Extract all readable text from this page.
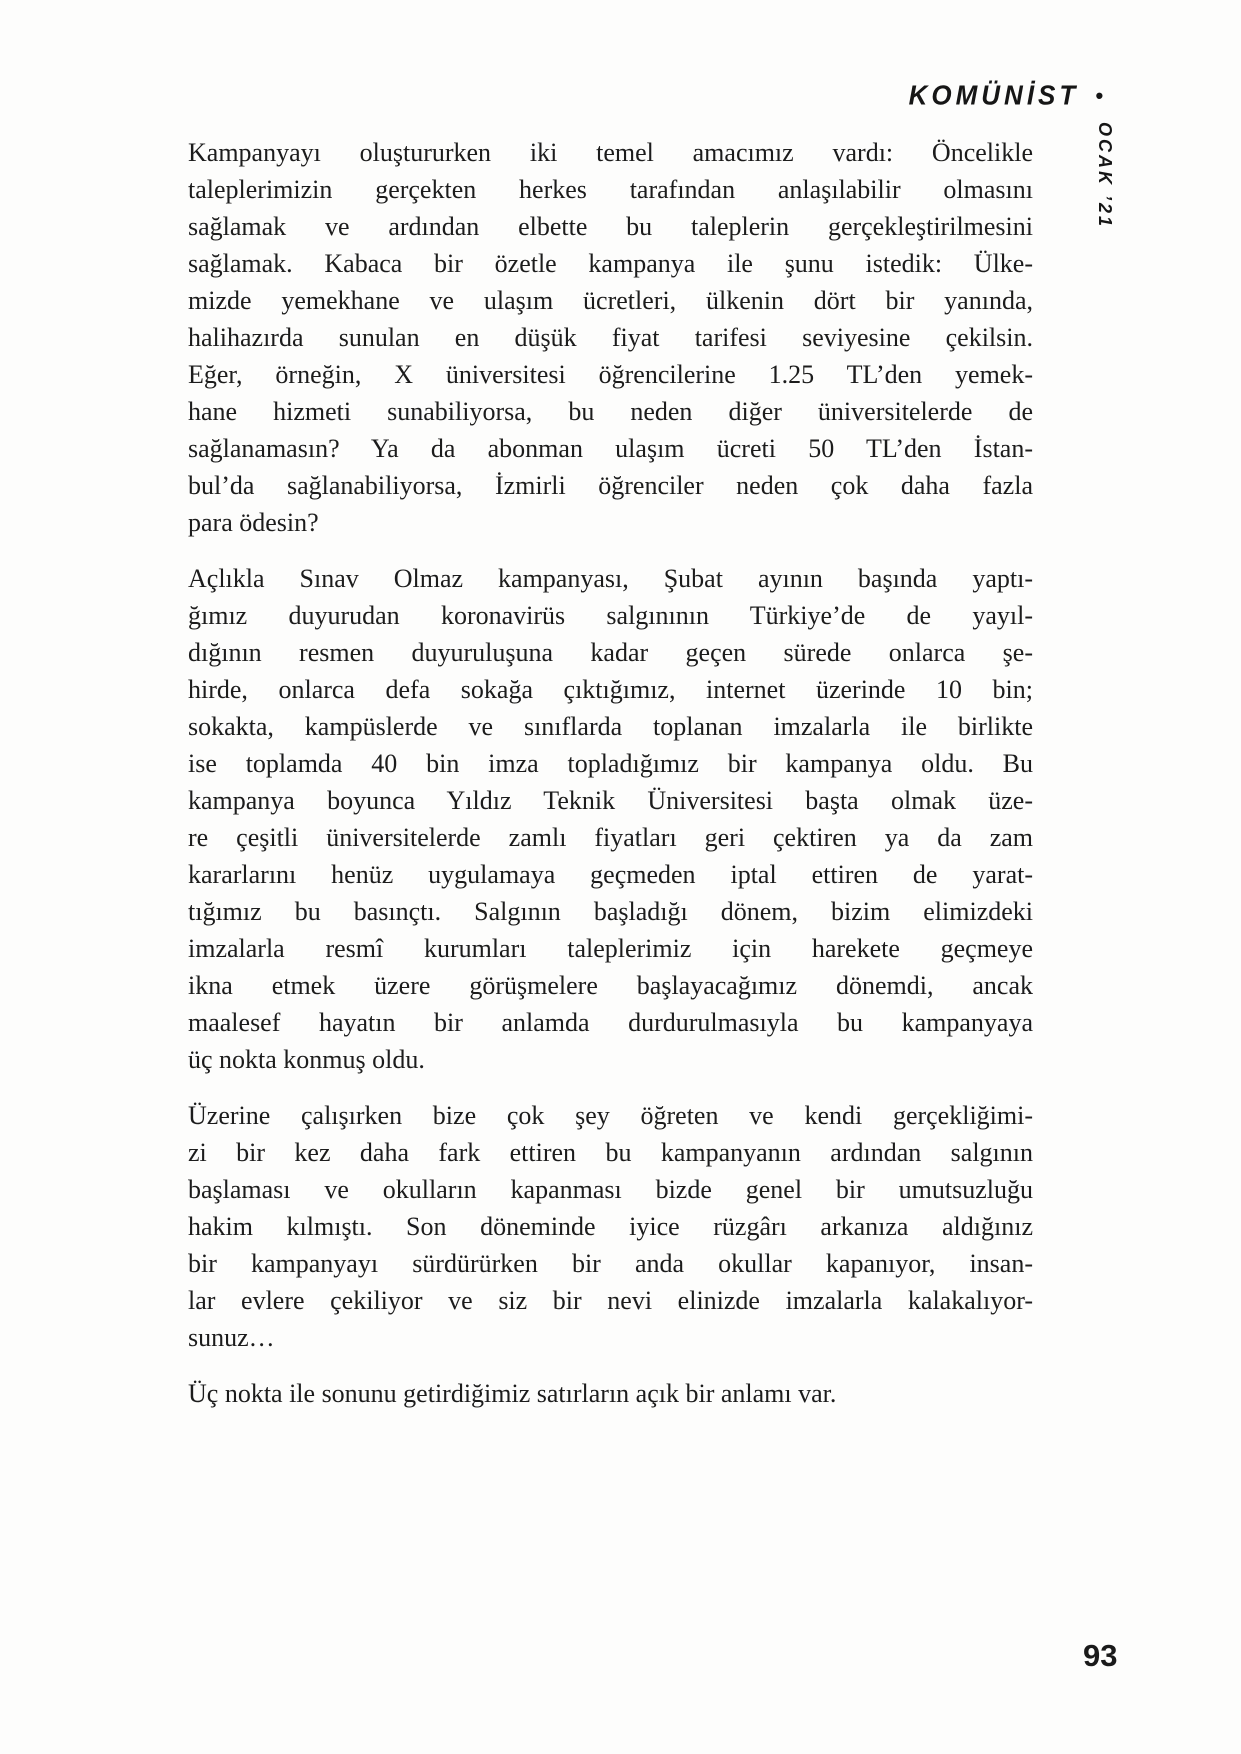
KOMÜNİST •
OCAK ’21
Kampanyayı oluştururken iki temel amacımız vardı: Öncelikle
taleplerimizin gerçekten herkes tarafından anlaşılabilir olmasını
sağlamak ve ardından elbette bu taleplerin gerçekleştirilmesini
sağlamak. Kabaca bir özetle kampanya ile şunu istedik: Ülke-
mizde yemekhane ve ulaşım ücretleri, ülkenin dört bir yanında,
halihazırda sunulan en düşük fiyat tarifesi seviyesine çekilsin.
Eğer, örneğin, X üniversitesi öğrencilerine 1.25 TL’den yemek-
hane hizmeti sunabiliyorsa, bu neden diğer üniversitelerde de
sağlanamasın? Ya da abonman ulaşım ücreti 50 TL’den İstan-
bul’da sağlanabiliyorsa, İzmirli öğrenciler neden çok daha fazla
para ödesin?
Açlıkla Sınav Olmaz kampanyası, Şubat ayının başında yaptı-
ğımız duyurudan koronavirüs salgınının Türkiye’de de yayıl-
dığının resmen duyuruluşuna kadar geçen sürede onlarca şe-
hirde, onlarca defa sokağa çıktığımız, internet üzerinde 10 bin;
sokakta, kampüslerde ve sınıflarda toplanan imzalarla ile birlikte
ise toplamda 40 bin imza topladığımız bir kampanya oldu. Bu
kampanya boyunca Yıldız Teknik Üniversitesi başta olmak üze-
re çeşitli üniversitelerde zamlı fiyatları geri çektiren ya da zam
kararlarını henüz uygulamaya geçmeden iptal ettiren de yarat-
tığımız bu basınçtı. Salgının başladığı dönem, bizim elimizdeki
imzalarla resmî kurumları taleplerimiz için harekete geçmeye
ikna etmek üzere görüşmelere başlayacağımız dönemdi, ancak
maalesef hayatın bir anlamda durdurulmasıyla bu kampanyaya
üç nokta konmuş oldu.
Üzerine çalışırken bize çok şey öğreten ve kendi gerçekliğimi-
zi bir kez daha fark ettiren bu kampanyanın ardından salgının
başlaması ve okulların kapanması bizde genel bir umutsuzluğu
hakim kılmıştı. Son döneminde iyice rüzgârı arkanıza aldığınız
bir kampanyayı sürdürürken bir anda okullar kapanıyor, insan-
lar evlere çekiliyor ve siz bir nevi elinizde imzalarla kalakalıyor-
sunuz…
Üç nokta ile sonunu getirdiğimiz satırların açık bir anlamı var.
93
